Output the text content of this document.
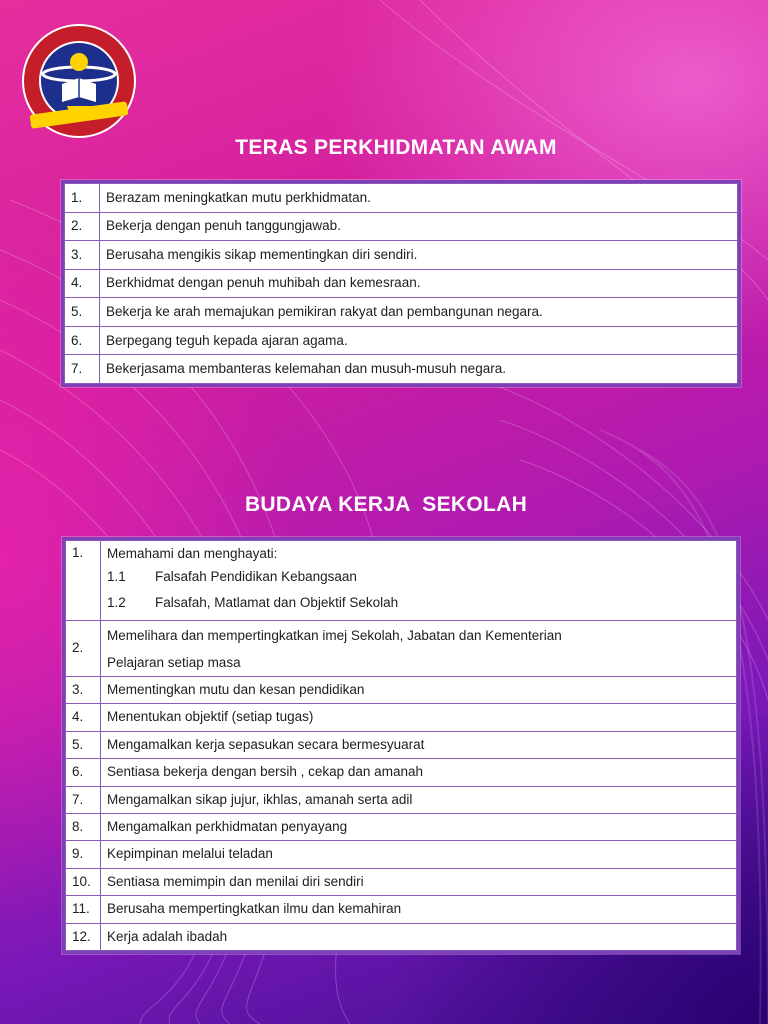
TERAS PERKHIDMATAN AWAM
1.	Berazam meningkatkan mutu perkhidmatan.
2.	Bekerja dengan penuh tanggungjawab.
3.	Berusaha mengikis sikap mementingkan diri sendiri.
4.	Berkhidmat dengan penuh muhibah dan kemesraan.
5.	Bekerja ke arah memajukan pemikiran rakyat dan pembangunan negara.
6.	Berpegang teguh kepada ajaran agama.
7.	Bekerjasama membanteras kelemahan dan musuh-musuh negara.
BUDAYA KERJA  SEKOLAH
1.	Memahami dan menghayati:
1.1 Falsafah Pendidikan Kebangsaan
1.2 Falsafah, Matlamat dan Objektif Sekolah

2.	Memelihara dan mempertingkatkan imej Sekolah, Jabatan dan Kementerian
Pelajaran setiap masa

3.	Mementingkan mutu dan kesan pendidikan
4.	Menentukan objektif (setiap tugas)
5.	Mengamalkan kerja sepasukan secara bermesyuarat
6.	Sentiasa bekerja dengan bersih , cekap dan amanah
7.	Mengamalkan sikap jujur, ikhlas, amanah serta adil
8.	Mengamalkan perkhidmatan penyayang
9.	Kepimpinan melalui teladan
10.	Sentiasa memimpin dan menilai diri sendiri
11.	Berusaha mempertingkatkan ilmu dan kemahiran
12.	Kerja adalah ibadah
